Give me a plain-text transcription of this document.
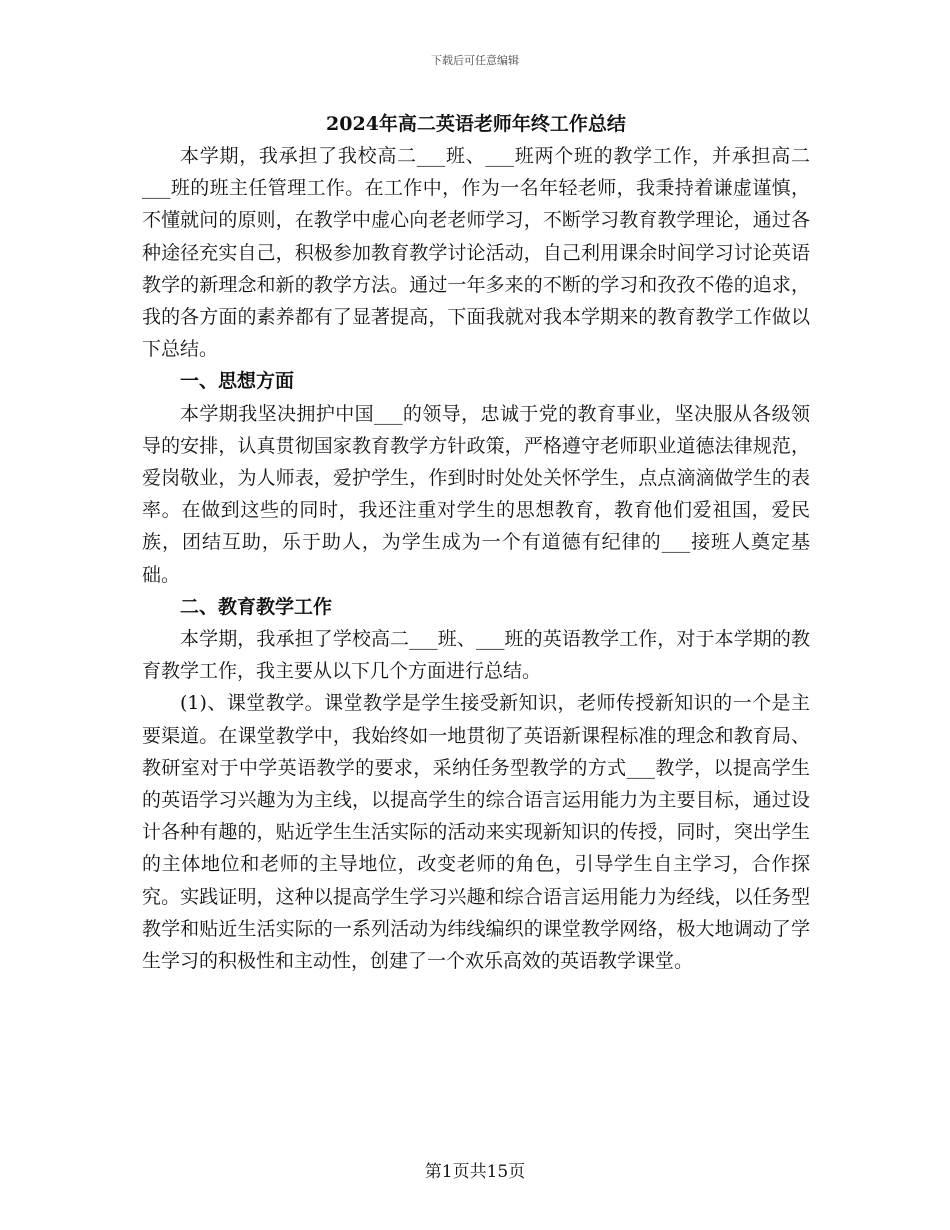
下载后可任意编辑
2024年高二英语老师年终工作总结

本学期，我承担了我校高二___班、___班两个班的教学工作，并承担高二___班的班主任管理工作。在工作中，作为一名年轻老师，我秉持着谦虚谨慎，不懂就问的原则，在教学中虚心向老老师学习，不断学习教育教学理论，通过各种途径充实自己，积极参加教育教学讨论活动，自己利用课余时间学习讨论英语教学的新理念和新的教学方法。通过一年多来的不断的学习和孜孜不倦的追求，我的各方面的素养都有了显著提高，下面我就对我本学期来的教育教学工作做以下总结。

一、思想方面

本学期我坚决拥护中国___的领导，忠诚于党的教育事业，坚决服从各级领导的安排，认真贯彻国家教育教学方针政策，严格遵守老师职业道德法律规范，爱岗敬业，为人师表，爱护学生，作到时时处处关怀学生，点点滴滴做学生的表率。在做到这些的同时，我还注重对学生的思想教育，教育他们爱祖国，爱民族，团结互助，乐于助人，为学生成为一个有道德有纪律的___接班人奠定基础。

二、教育教学工作

本学期，我承担了学校高二___班、___班的英语教学工作，对于本学期的教育教学工作，我主要从以下几个方面进行总结。

(1)、课堂教学。课堂教学是学生接受新知识，老师传授新知识的一个是主要渠道。在课堂教学中，我始终如一地贯彻了英语新课程标准的理念和教育局、教研室对于中学英语教学的要求，采纳任务型教学的方式___教学，以提高学生的英语学习兴趣为为主线，以提高学生的综合语言运用能力为主要目标，通过设计各种有趣的，贴近学生生活实际的活动来实现新知识的传授，同时，突出学生的主体地位和老师的主导地位，改变老师的角色，引导学生自主学习，合作探究。实践证明，这种以提高学生学习兴趣和综合语言运用能力为经线，以任务型教学和贴近生活实际的一系列活动为纬线编织的课堂教学网络，极大地调动了学生学习的积极性和主动性，创建了一个欢乐高效的英语教学课堂。

第1页共15页
